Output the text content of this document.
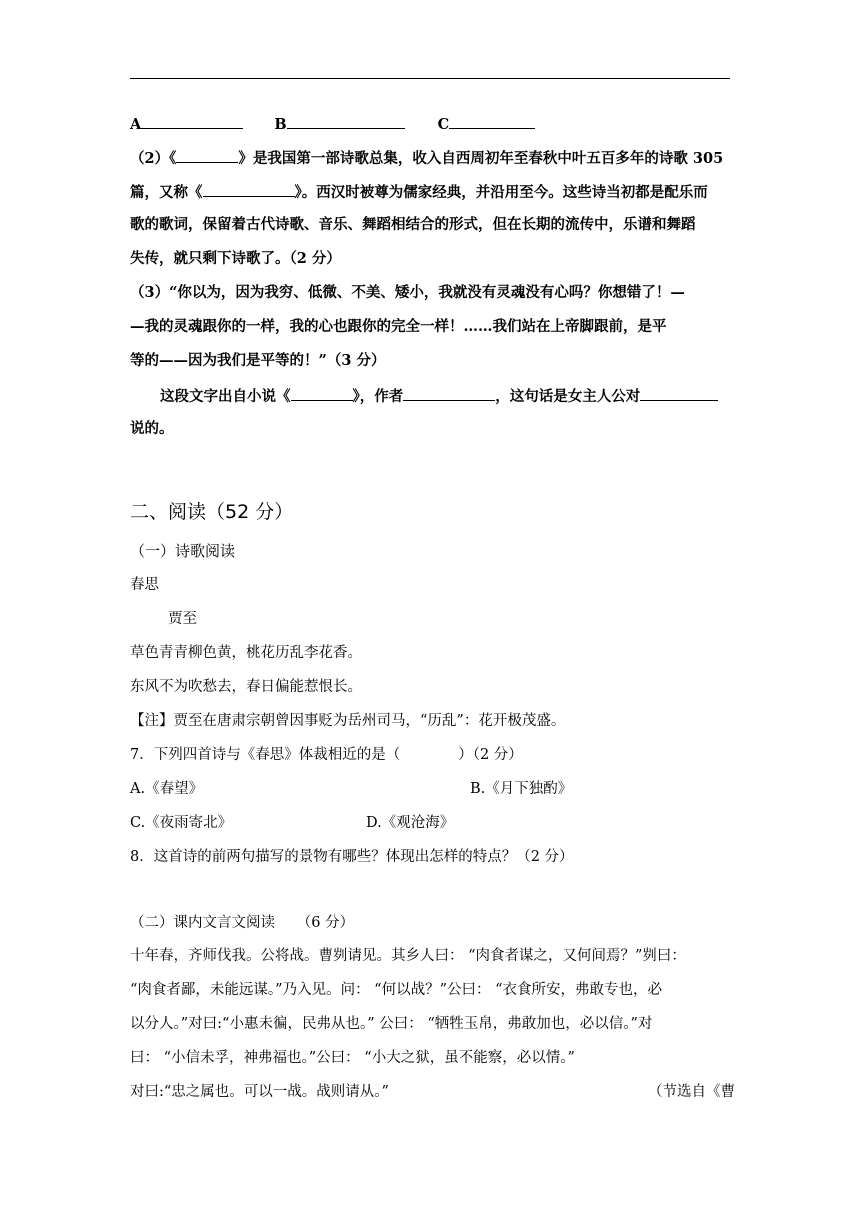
A	B	C
（2）《	》是我国第一部诗歌总集，收入自西周初年至春秋中叶五百多年的诗歌 305
篇，又称《	》。西汉时被尊为儒家经典，并沿用至今。这些诗当初都是配乐而
歌的歌词，保留着古代诗歌、音乐、舞蹈相结合的形式，但在长期的流传中，乐谱和舞蹈
失传，就只剩下诗歌了。（2 分）
（3）“你以为，因为我穷、低微、不美、矮小，我就没有灵魂没有心吗？你想错了！—
—我的灵魂跟你的一样，我的心也跟你的完全一样！……我们站在上帝脚跟前，是平
等的——因为我们是平等的！”（3 分）
这段文字出自小说《	》，作者	，这句话是女主人公对
说的。
二、阅读（52 分）
（一）诗歌阅读
春思
贾至
草色青青柳色黄，桃花历乱李花香。
东风不为吹愁去，春日偏能惹恨长。
【注】贾至在唐肃宗朝曾因事贬为岳州司马，“历乱”：花开极茂盛。
7．下列四首诗与《春思》体裁相近的是（　　　　）（2 分）
A.《春望》	B.《月下独酌》
C.《夜雨寄北》	D.《观沧海》
8．这首诗的前两句描写的景物有哪些？体现出怎样的特点？（2 分）
（二）课内文言文阅读　　（6 分）
十年春，齐师伐我。公将战。曹刿请见。其乡人曰： “肉食者谋之，又何间焉？”刿曰：
“肉食者鄙，未能远谋。”乃入见。问： “何以战？”公曰： “衣食所安，弗敢专也，必
以分人。”对曰:“小惠未徧，民弗从也。” 公曰： “牺牲玉帛，弗敢加也，必以信。”对
曰： “小信未孚，神弗福也。”公曰： “小大之狱，虽不能察，必以情。”
对曰:“忠之属也。可以一战。战则请从。”	（节选自《曹
